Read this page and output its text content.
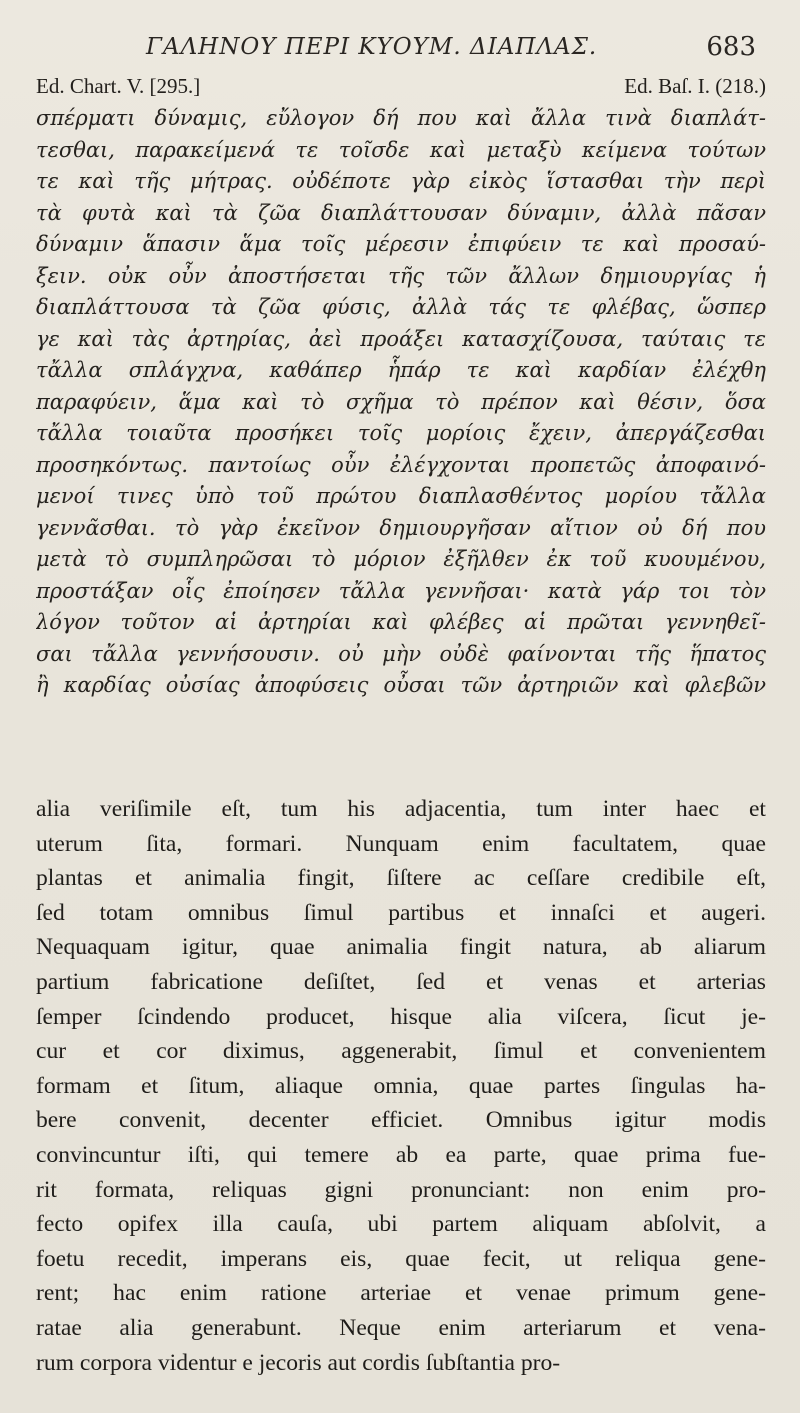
ΓΑΛΗΝΟΥ ΠΕΡΙ ΚΥΟΥΜ. ΔΙΑΠΛΑΣ.	683
Ed. Chart. V. [295.]	Ed. Baſ. I. (218.)
σπέρματι δύναμις, εὔλογον δή που καὶ ἄλλα τινὰ διαπλάτ-
τεσθαι, παρακείμενά τε τοῖσδε καὶ μεταξὺ κείμενα τούτων
τε καὶ τῆς μήτρας. οὐδέποτε γὰρ εἰκὸς ἵστασθαι τὴν περὶ
τὰ φυτὰ καὶ τὰ ζῶα διαπλάττουσαν δύναμιν, ἀλλὰ πᾶσαν
δύναμιν ἅπασιν ἅμα τοῖς μέρεσιν ἐπιφύειν τε καὶ προσαύ-
ξειν. οὐκ οὖν ἀποστήσεται τῆς τῶν ἄλλων δημιουργίας ἡ
διαπλάττουσα τὰ ζῶα φύσις, ἀλλὰ τάς τε φλέβας, ὥσπερ
γε καὶ τὰς ἀρτηρίας, ἀεὶ προάξει κατασχίζουσα, ταύταις τε
τἄλλα σπλάγχνα, καθάπερ ἧπάρ τε καὶ καρδίαν ἐλέχθη
παραφύειν, ἅμα καὶ τὸ σχῆμα τὸ πρέπον καὶ θέσιν, ὅσα
τἄλλα τοιαῦτα προσήκει τοῖς μορίοις ἔχειν, ἀπεργάζεσθαι
προσηκόντως. παντοίως οὖν ἐλέγχονται προπετῶς ἀποφαινό-
μενοί τινες ὑπὸ τοῦ πρώτου διαπλασθέντος μορίου τἄλλα
γεννᾶσθαι. τὸ γὰρ ἐκεῖνον δημιουργῆσαν αἴτιον οὐ δή που
μετὰ τὸ συμπληρῶσαι τὸ μόριον ἐξῆλθεν ἐκ τοῦ κυουμένου,
προστάξαν οἷς ἐποίησεν τἄλλα γεννῆσαι· κατὰ γάρ τοι τὸν
λόγον τοῦτον αἱ ἀρτηρίαι καὶ φλέβες αἱ πρῶται γεννηθεῖ-
σαι τἄλλα γεννήσουσιν. οὐ μὴν οὐδὲ φαίνονται τῆς ἥπατος
ἢ καρδίας οὐσίας ἀποφύσεις οὖσαι τῶν ἀρτηριῶν καὶ φλεβῶν
alia veriſimile eſt, tum his adjacentia, tum inter haec et
uterum ſita, formari. Nunquam enim facultatem, quae
plantas et animalia fingit, ſiſtere ac ceſſare credibile eſt,
ſed totam omnibus ſimul partibus et innaſci et augeri.
Nequaquam igitur, quae animalia fingit natura, ab aliarum
partium fabricatione deſiſtet, ſed et venas et arterias
ſemper ſcindendo producet, hisque alia viſcera, ſicut je-
cur et cor diximus, aggenerabit, ſimul et convenientem
formam et ſitum, aliaque omnia, quae partes ſingulas ha-
bere convenit, decenter efficiet. Omnibus igitur modis
convincuntur iſti, qui temere ab ea parte, quae prima fue-
rit formata, reliquas gigni pronunciant: non enim pro-
fecto opifex illa cauſa, ubi partem aliquam abſolvit, a
foetu recedit, imperans eis, quae fecit, ut reliqua gene-
rent; hac enim ratione arteriae et venae primum gene-
ratae alia generabunt. Neque enim arteriarum et vena-
rum corpora videntur e jecoris aut cordis ſubſtantia pro-
